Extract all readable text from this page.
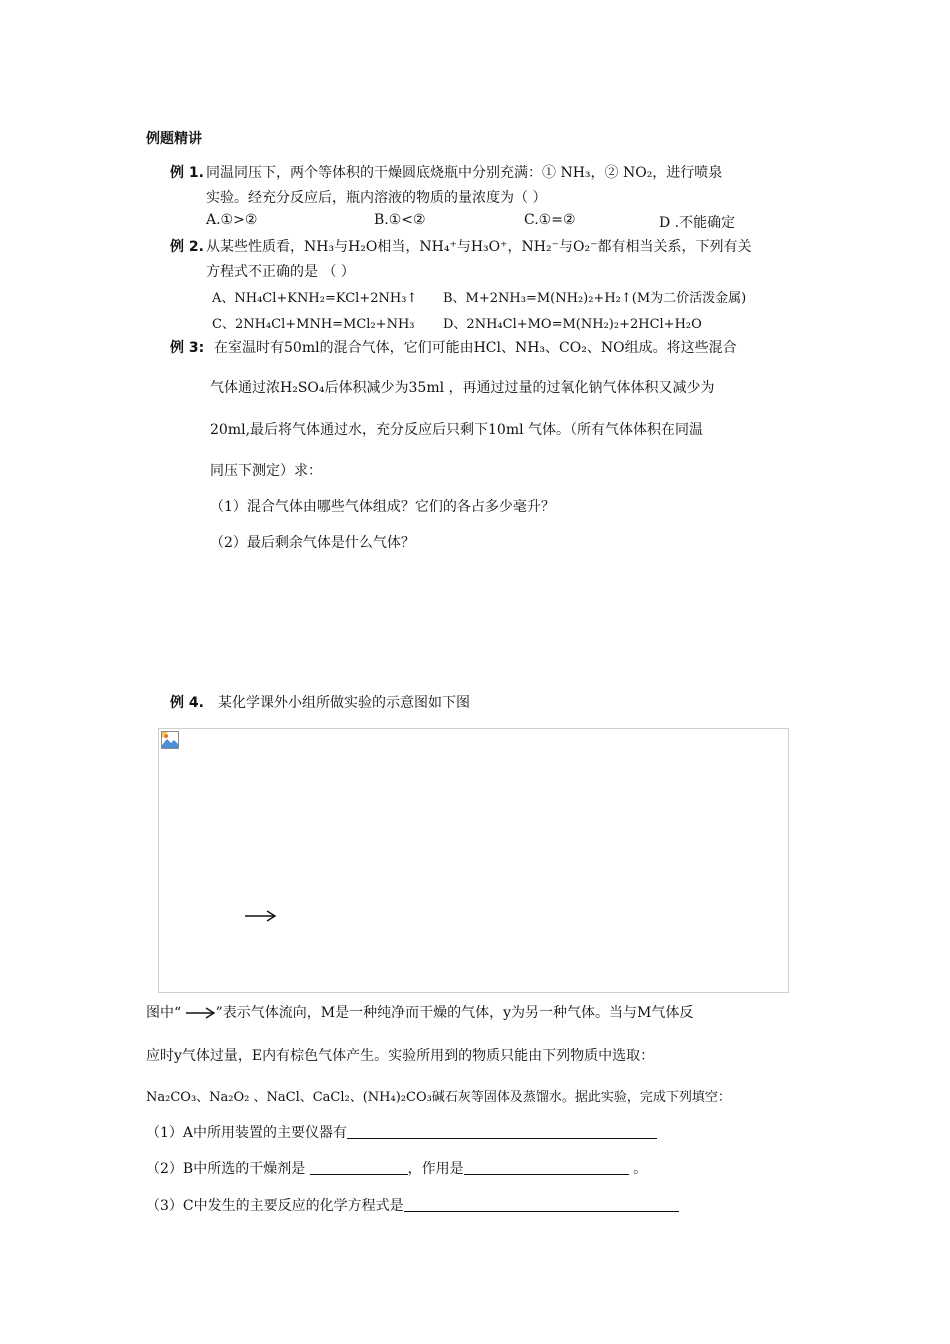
例题精讲
例 1. 同温同压下，两个等体积的干燥圆底烧瓶中分别充满：① NH₃，② NO₂，进行喷泉
实验。经充分反应后，瓶内溶液的物质的量浓度为（ ）
A.①>②	B.①<②	C.①=②	D .不能确定
例 2. 从某些性质看，NH₃与H₂O相当，NH₄⁺与H₃O⁺，NH₂⁻与O₂⁻都有相当关系，下列有关
方程式不正确的是 （ ）
A、NH₄Cl+KNH₂=KCl+2NH₃↑ B、M+2NH₃=M(NH₂)₂+H₂↑(M为二价活泼金属)
C、2NH₄Cl+MNH=MCl₂+NH₃ D、2NH₄Cl+MO=M(NH₂)₂+2HCl+H₂O
例 3: 在室温时有50ml的混合气体，它们可能由HCl、NH₃、CO₂、NO组成。将这些混合
气体通过浓H₂SO₄后体积减少为35ml ，再通过过量的过氧化钠气体体积又减少为
20ml,最后将气体通过水，充分反应后只剩下10ml 气体。（所有气体体积在同温
同压下测定）求：
（1）混合气体由哪些气体组成？它们的各占多少毫升？
（2）最后剩余气体是什么气体？
例 4. 某化学课外小组所做实验的示意图如下图
图中“ ”表示气体流向，M是一种纯净而干燥的气体，y为另一种气体。当与M气体反
应时y气体过量，E内有棕色气体产生。实验所用到的物质只能由下列物质中选取：
Na₂CO₃、Na₂O₂ 、NaCl、CaCl₂、(NH₄)₂CO₃碱石灰等固体及蒸馏水。据此实验，完成下列填空：
（1）A中所用装置的主要仪器有
（2）B中所选的干燥剂是	，作用是	。
（3）C中发生的主要反应的化学方程式是
